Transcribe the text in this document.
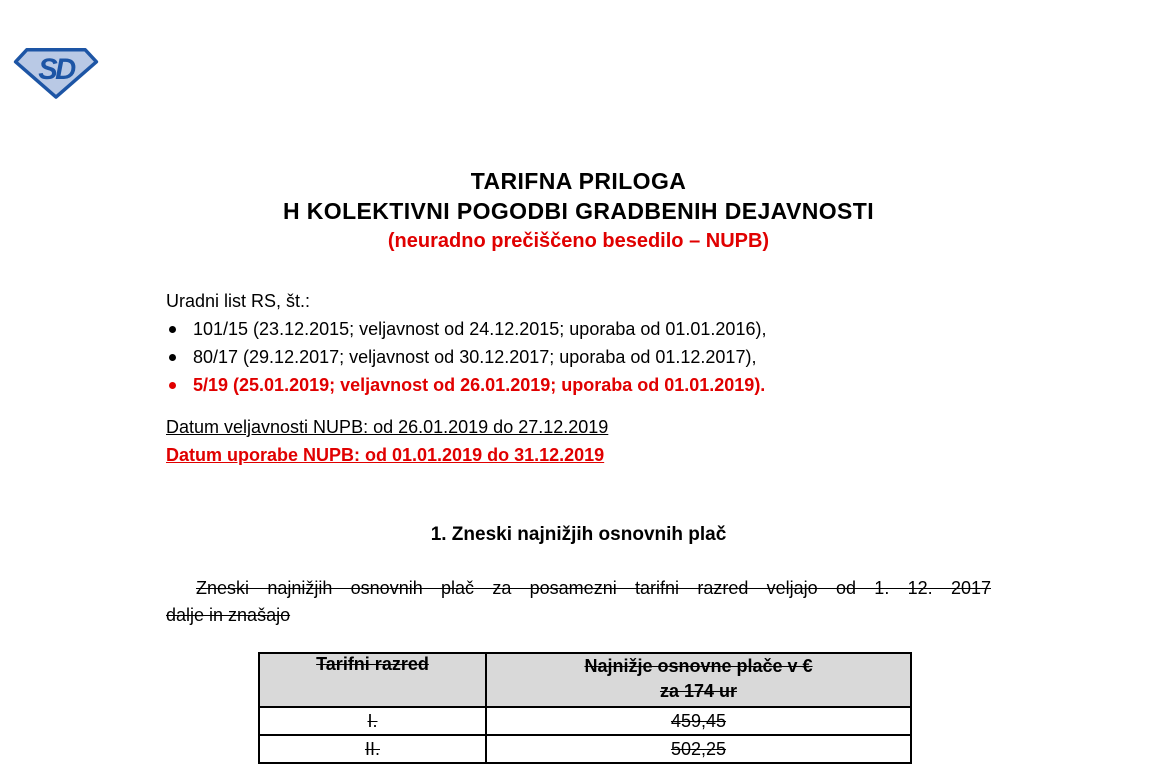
SD
TARIFNA PRILOGA
H KOLEKTIVNI POGODBI GRADBENIH DEJAVNOSTI
(neuradno prečiščeno besedilo – NUPB)
Uradni list RS, št.:
101/15 (23.12.2015; veljavnost od 24.12.2015; uporaba od 01.01.2016),
80/17 (29.12.2017; veljavnost od 30.12.2017; uporaba od 01.12.2017),
5/19 (25.01.2019; veljavnost od 26.01.2019; uporaba od 01.01.2019).
Datum veljavnosti NUPB: od 26.01.2019 do 27.12.2019
Datum uporabe NUPB: od 01.01.2019 do 31.12.2019
1. Zneski najnižjih osnovnih plač
Zneski najnižjih osnovnih plač za posamezni tarifni razred veljajo od 1. 12. 2017
dalje in znašajo
Tarifni razred	Najnižje osnovne plače v €
za 174 ur

I.	459,45
II.	502,25
